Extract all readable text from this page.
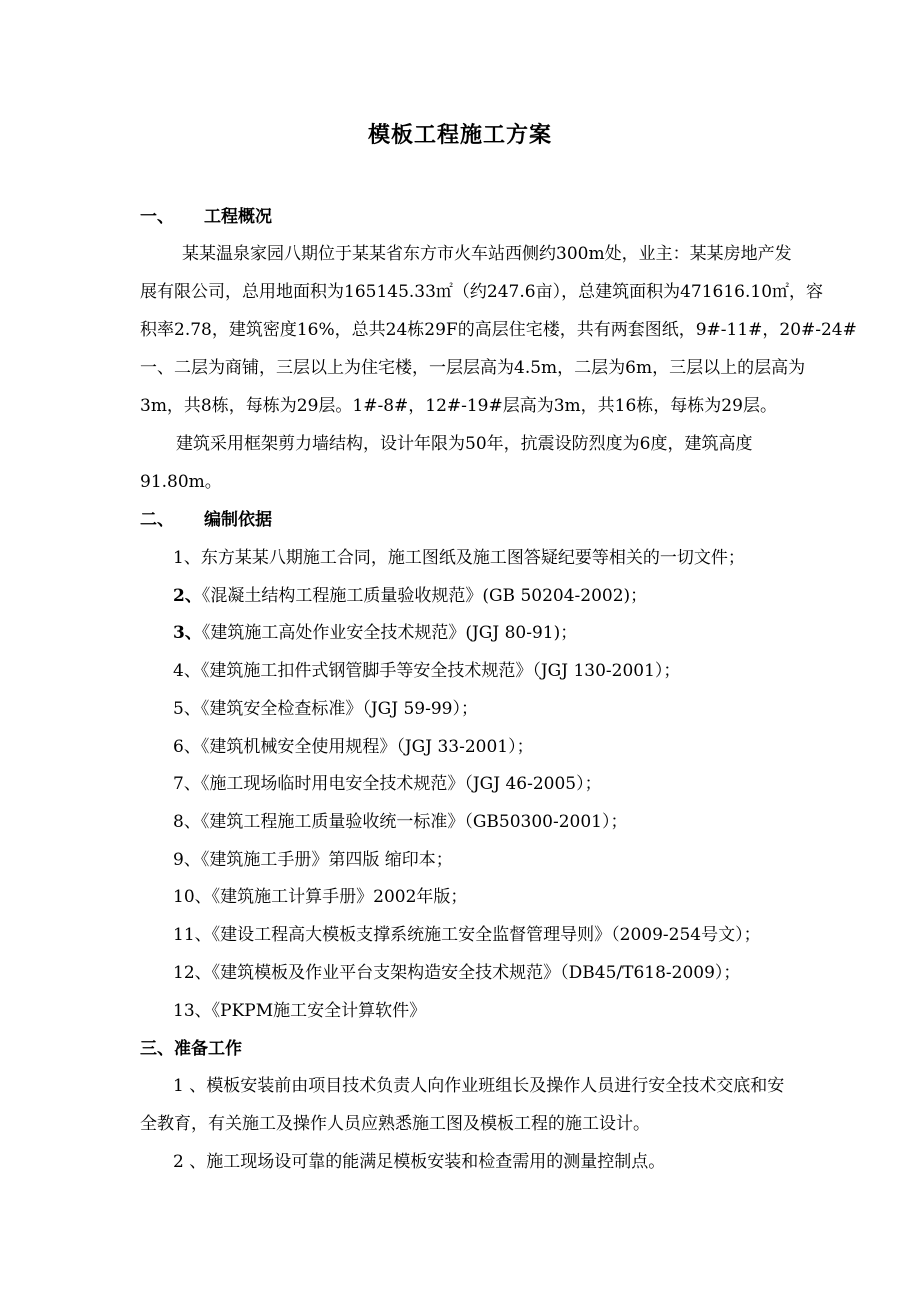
模板工程施工方案
一、 工程概况
某某温泉家园八期位于某某省东方市火车站西侧约300m处，业主：某某房地产发
展有限公司，总用地面积为165145.33㎡（约247.6亩），总建筑面积为471616.10㎡，容
积率2.78，建筑密度16%，总共24栋29F的高层住宅楼，共有两套图纸，9#-11#，20#-24#
一、二层为商铺，三层以上为住宅楼，一层层高为4.5m，二层为6m，三层以上的层高为
3m，共8栋，每栋为29层。1#-8#，12#-19#层高为3m，共16栋，每栋为29层。
建筑采用框架剪力墙结构，设计年限为50年，抗震设防烈度为6度，建筑高度
91.80m。
二、 编制依据
1、东方某某八期施工合同，施工图纸及施工图答疑纪要等相关的一切文件；
2、《混凝土结构工程施工质量验收规范》(GB 50204-2002)；
3、《建筑施工高处作业安全技术规范》(JGJ 80-91)；
4、《建筑施工扣件式钢管脚手等安全技术规范》（JGJ 130-2001）；
5、《建筑安全检查标准》（JGJ 59-99）；
6、《建筑机械安全使用规程》（JGJ 33-2001）；
7、《施工现场临时用电安全技术规范》（JGJ 46-2005）；
8、《建筑工程施工质量验收统一标准》（GB50300-2001）；
9、《建筑施工手册》第四版 缩印本；
10、《建筑施工计算手册》2002年版；
11、《建设工程高大模板支撑系统施工安全监督管理导则》（2009-254号文）；
12、《建筑模板及作业平台支架构造安全技术规范》（DB45/T618-2009）；
13、《PKPM施工安全计算软件》
三、准备工作
1 、模板安装前由项目技术负责人向作业班组长及操作人员进行安全技术交底和安
全教育，有关施工及操作人员应熟悉施工图及模板工程的施工设计。
2 、施工现场设可靠的能满足模板安装和检查需用的测量控制点。
